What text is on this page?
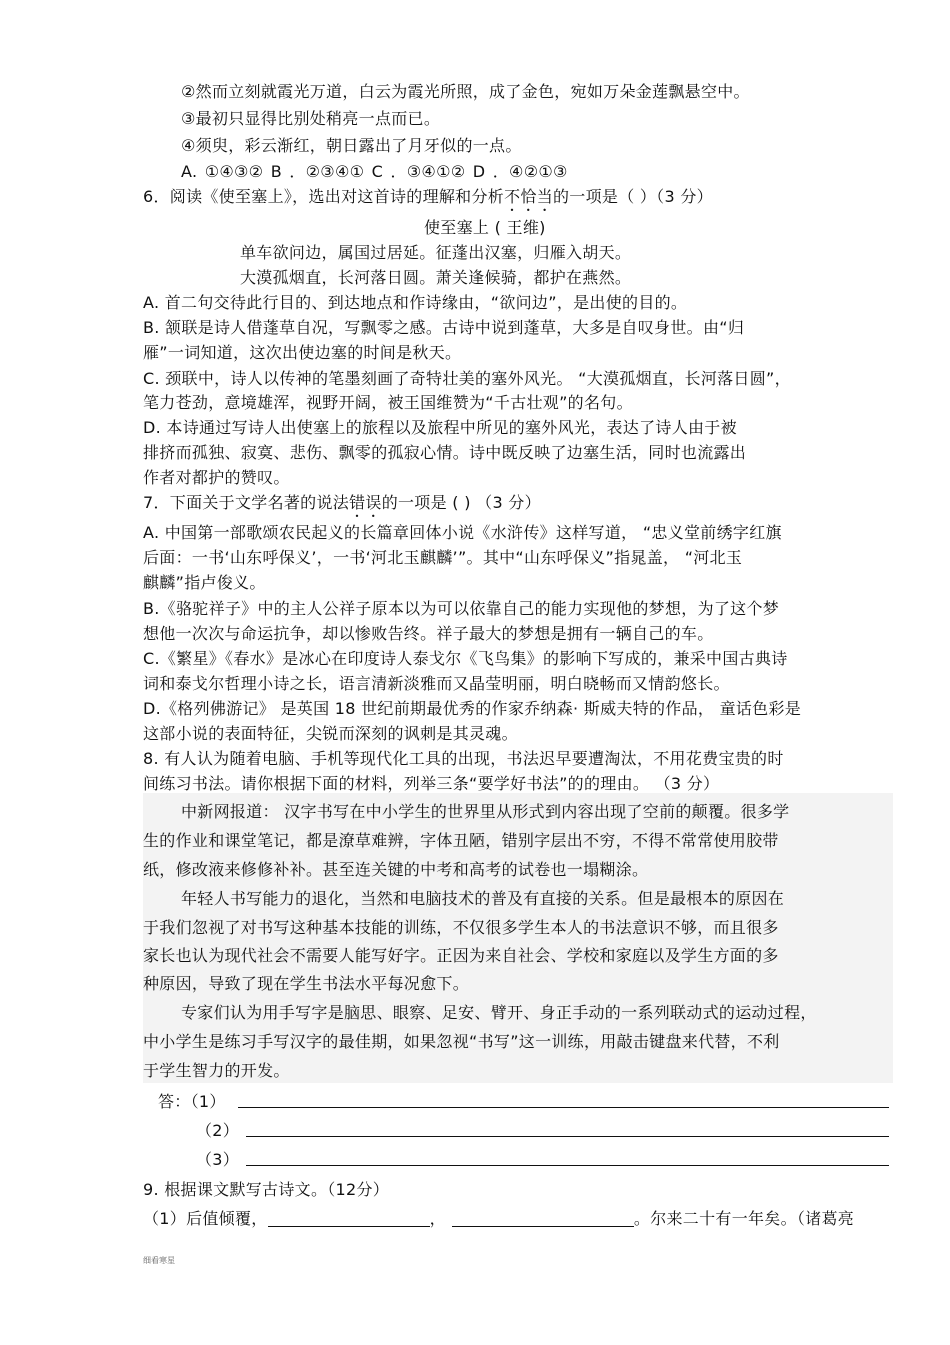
②然而立刻就霞光万道，白云为霞光所照，成了金色，宛如万朵金莲飘悬空中。
③最初只显得比别处稍亮一点而已。
④须臾，彩云渐红，朝日露出了月牙似的一点。
A. ①④③② B ．②③④① C ．③④①② D ．④②①③
6．阅读《使至塞上》，选出对这首诗的理解和分析不恰当的一项是（ ）（3 分）
使至塞上 ( 王维)
单车欲问边，属国过居延。征蓬出汉塞，归雁入胡天。
大漠孤烟直，长河落日圆。萧关逢候骑，都护在燕然。
A. 首二句交待此行目的、到达地点和作诗缘由，“欲问边”，是出使的目的。
B. 颔联是诗人借蓬草自况，写飘零之感。古诗中说到蓬草，大多是自叹身世。由“归
雁”一词知道，这次出使边塞的时间是秋天。
C. 颈联中，诗人以传神的笔墨刻画了奇特壮美的塞外风光。 “大漠孤烟直，长河落日圆”，
笔力苍劲，意境雄浑，视野开阔，被王国维赞为“千古壮观”的名句。
D. 本诗通过写诗人出使塞上的旅程以及旅程中所见的塞外风光，表达了诗人由于被
排挤而孤独、寂寞、悲伤、飘零的孤寂心情。诗中既反映了边塞生活，同时也流露出
作者对都护的赞叹。
7．下面关于文学名著的说法错误的一项是 ( ) （3 分）
A. 中国第一部歌颂农民起义的长篇章回体小说《水浒传》这样写道， “忠义堂前绣字红旗
后面：一书‘山东呼保义’，一书‘河北玉麒麟’”。其中“山东呼保义”指晁盖， “河北玉
麒麟”指卢俊义。
B.《骆驼祥子》中的主人公祥子原本以为可以依靠自己的能力实现他的梦想，为了这个梦
想他一次次与命运抗争，却以惨败告终。祥子最大的梦想是拥有一辆自己的车。
C.《繁星》《春水》是冰心在印度诗人泰戈尔《飞鸟集》的影响下写成的，兼采中国古典诗
词和泰戈尔哲理小诗之长，语言清新淡雅而又晶莹明丽，明白晓畅而又情韵悠长。
D.《格列佛游记》 是英国 18 世纪前期最优秀的作家乔纳森· 斯威夫特的作品， 童话色彩是
这部小说的表面特征，尖锐而深刻的讽刺是其灵魂。
8. 有人认为随着电脑、手机等现代化工具的出现，书法迟早要遭淘汰，不用花费宝贵的时
间练习书法。请你根据下面的材料，列举三条“要学好书法”的的理由。 （3 分）
中新网报道： 汉字书写在中小学生的世界里从形式到内容出现了空前的颠覆。很多学
生的作业和课堂笔记，都是潦草难辨，字体丑陋，错别字层出不穷，不得不常常使用胶带
纸，修改液来修修补补。甚至连关键的中考和高考的试卷也一塌糊涂。
年轻人书写能力的退化，当然和电脑技术的普及有直接的关系。但是最根本的原因在
于我们忽视了对书写这种基本技能的训练，不仅很多学生本人的书法意识不够，而且很多
家长也认为现代社会不需要人能写好字。正因为来自社会、学校和家庭以及学生方面的多
种原因，导致了现在学生书法水平每况愈下。
专家们认为用手写字是脑思、眼察、足安、臂开、身正手动的一系列联动式的运动过程，
中小学生是练习手写汉字的最佳期，如果忽视“书写”这一训练，用敲击键盘来代替，不利
于学生智力的开发。
答：（1）
（2）
（3）
9. 根据课文默写古诗文。（12分）
（1）后值倾覆，	，	。尔来二十有一年矣。（诸葛亮
细看寒星
